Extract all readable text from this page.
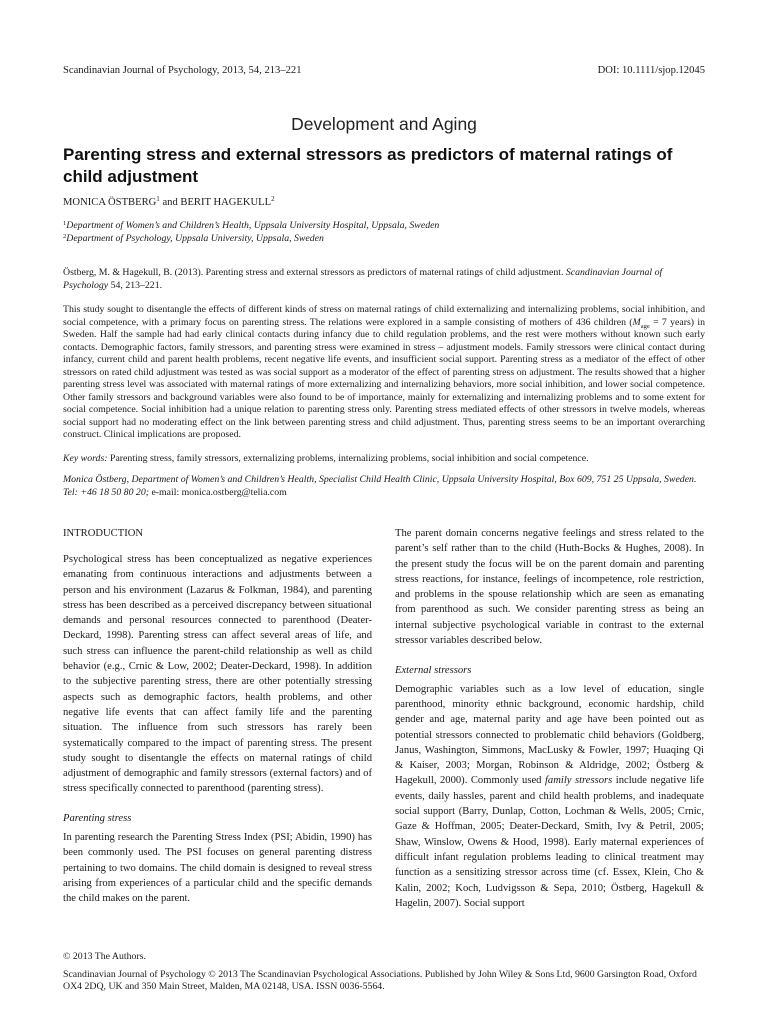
Scandinavian Journal of Psychology, 2013, 54, 213–221	DOI: 10.1111/sjop.12045
Development and Aging
Parenting stress and external stressors as predictors of maternal ratings of child adjustment
MONICA ÖSTBERG$^1$ and BERIT HAGEKULL$^2$
$^1$Department of Women’s and Children’s Health, Uppsala University Hospital, Uppsala, Sweden
$^2$Department of Psychology, Uppsala University, Uppsala, Sweden

Östberg, M. & Hagekull, B. (2013). Parenting stress and external stressors as predictors of maternal ratings of child adjustment. Scandinavian Journal of Psychology 54, 213–221.

This study sought to disentangle the effects of different kinds of stress on maternal ratings of child externalizing and internalizing problems, social inhibition, and social competence, with a primary focus on parenting stress. The relations were explored in a sample consisting of mothers of 436 children ($M_{age} = 7$ years) in Sweden. Half the sample had had early clinical contacts during infancy due to child regulation problems, and the rest were mothers without known such early contacts. Demographic factors, family stressors, and parenting stress were examined in stress – adjustment models. Family stressors were clinical contact during infancy, current child and parent health problems, recent negative life events, and insufficient social support. Parenting stress as a mediator of the effect of other stressors on rated child adjustment was tested as was social support as a moderator of the effect of parenting stress on adjustment. The results showed that a higher parenting stress level was associated with maternal ratings of more externalizing and internalizing behaviors, more social inhibition, and lower social competence. Other family stressors and background variables were also found to be of importance, mainly for externalizing and internalizing problems and to some extent for social competence. Social inhibition had a unique relation to parenting stress only. Parenting stress mediated effects of other stressors in twelve models, whereas social support had no moderating effect on the link between parenting stress and child adjustment. Thus, parenting stress seems to be an important overarching construct. Clinical implications are proposed.

Key words: Parenting stress, family stressors, externalizing problems, internalizing problems, social inhibition and social competence.

Monica Östberg, Department of Women’s and Children’s Health, Specialist Child Health Clinic, Uppsala University Hospital, Box 609, 751 25 Uppsala, Sweden. Tel: +46 18 50 80 20; e-mail: monica.ostberg@telia.com

INTRODUCTION

Psychological stress has been conceptualized as negative experiences emanating from continuous interactions and adjustments between a person and his environment (Lazarus & Folkman, 1984), and parenting stress has been described as a perceived discrepancy between situational demands and personal resources connected to parenthood (Deater-Deckard, 1998). Parenting stress can affect several areas of life, and such stress can influence the parent-child relationship as well as child behavior (e.g., Crnic & Low, 2002; Deater-Deckard, 1998). In addition to the subjective parenting stress, there are other potentially stressing aspects such as demographic factors, health problems, and other negative life events that can affect family life and the parenting situation. The influence from such stressors has rarely been systematically compared to the impact of parenting stress. The present study sought to disentangle the effects on maternal ratings of child adjustment of demographic and family stressors (external factors) and of stress specifically connected to parenthood (parenting stress).

Parenting stress

In parenting research the Parenting Stress Index (PSI; Abidin, 1990) has been commonly used. The PSI focuses on general parenting distress pertaining to two domains. The child domain is designed to reveal stress arising from experiences of a particular child and the specific demands the child makes on the parent.

The parent domain concerns negative feelings and stress related to the parent’s self rather than to the child (Huth-Bocks & Hughes, 2008). In the present study the focus will be on the parent domain and parenting stress reactions, for instance, feelings of incompetence, role restriction, and problems in the spouse relationship which are seen as emanating from parenthood as such. We consider parenting stress as being an internal subjective psychological variable in contrast to the external stressor variables described below.

External stressors

Demographic variables such as a low level of education, single parenthood, minority ethnic background, economic hardship, child gender and age, maternal parity and age have been pointed out as potential stressors connected to problematic child behaviors (Goldberg, Janus, Washington, Simmons, MacLusky & Fowler, 1997; Huaqing Qi & Kaiser, 2003; Morgan, Robinson & Aldridge, 2002; Östberg & Hagekull, 2000). Commonly used family stressors include negative life events, daily hassles, parent and child health problems, and inadequate social support (Barry, Dunlap, Cotton, Lochman & Wells, 2005; Crnic, Gaze & Hoffman, 2005; Deater-Deckard, Smith, Ivy & Petril, 2005; Shaw, Winslow, Owens & Hood, 1998). Early maternal experiences of difficult infant regulation problems leading to clinical treatment may function as a sensitizing stressor across time (cf. Essex, Klein, Cho & Kalin, 2002; Koch, Ludvigsson & Sepa, 2010; Östberg, Hagekull & Hagelin, 2007). Social support

© 2013 The Authors.
Scandinavian Journal of Psychology © 2013 The Scandinavian Psychological Associations. Published by John Wiley & Sons Ltd, 9600 Garsington Road, Oxford OX4 2DQ, UK and 350 Main Street, Malden, MA 02148, USA. ISSN 0036-5564.
